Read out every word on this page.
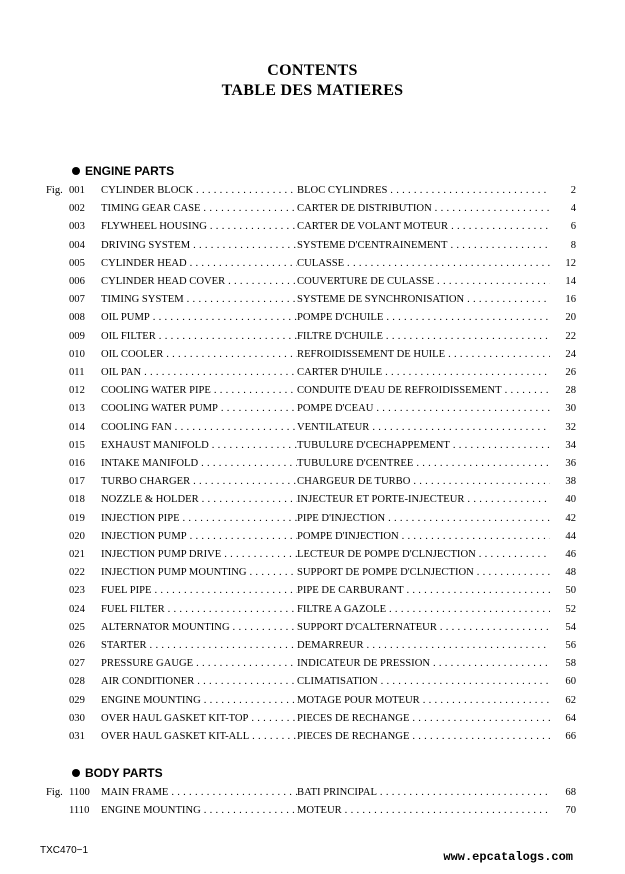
CONTENTS
TABLE DES MATIERES
ENGINE PARTS
Fig. 001	CYLINDER BLOCK . . .	BLOC CYLINDRES . . .	2
002	TIMING GEAR CASE . . .	CARTER DE DISTRIBUTION . . .	4
003	FLYWHEEL HOUSING . . .	CARTER DE VOLANT MOTEUR . . .	6
004	DRIVING SYSTEM . . .	SYSTEME D'CENTRAINEMENT . . .	8
005	CYLINDER HEAD . . .	CULASSE . . .	12
006	CYLINDER HEAD COVER . . .	COUVERTURE DE CULASSE . . .	14
007	TIMING SYSTEM . . .	SYSTEME DE SYNCHRONISATION . . .	16
008	OIL PUMP . . .	POMPE D'CHUILE . . .	20
009	OIL FILTER . . .	FILTRE D'CHUILE . . .	22
010	OIL COOLER . . .	REFROIDISSEMENT DE HUILE . . .	24
011	OIL PAN . . .	CARTER D'HUILE . . .	26
012	COOLING WATER PIPE . . .	CONDUITE D'EAU DE REFROIDISSEMENT . . .	28
013	COOLING WATER PUMP . . .	POMPE D'CEAU . . .	30
014	COOLING FAN . . .	VENTILATEUR . . .	32
015	EXHAUST MANIFOLD . . .	TUBULURE D'CECHAPPEMENT . . .	34
016	INTAKE MANIFOLD . . .	TUBULURE D'CENTREE . . .	36
017	TURBO CHARGER . . .	CHARGEUR DE TURBO . . .	38
018	NOZZLE & HOLDER . . .	INJECTEUR ET PORTE-INJECTEUR . . .	40
019	INJECTION PIPE . . .	PIPE D'INJECTION . . .	42
020	INJECTION PUMP . . .	POMPE D'INJECTION . . .	44
021	INJECTION PUMP DRIVE . . .	LECTEUR DE POMPE D'CLNJECTION . . .	46
022	INJECTION PUMP MOUNTING . . .	SUPPORT DE POMPE D'CLNJECTION . . .	48
023	FUEL PIPE . . .	PIPE DE CARBURANT . . .	50
024	FUEL FILTER . . .	FILTRE A GAZOLE . . .	52
025	ALTERNATOR MOUNTING . . .	SUPPORT D'CALTERNATEUR . . .	54
026	STARTER . . .	DEMARREUR . . .	56
027	PRESSURE GAUGE . . .	INDICATEUR DE PRESSION . . .	58
028	AIR CONDITIONER . . .	CLIMATISATION . . .	60
029	ENGINE MOUNTING . . .	MOTAGE POUR MOTEUR . . .	62
030	OVER HAUL GASKET KIT-TOP . . .	PIECES DE RECHANGE . . .	64
031	OVER HAUL GASKET KIT-ALL . . .	PIECES DE RECHANGE . . .	66
BODY PARTS
Fig. 1100	MAIN FRAME . . .	BATI PRINCIPAL . . .	68
1110	ENGINE MOUNTING . . .	MOTEUR . . .	70
TXC470−1	www.epcatalogs.com
